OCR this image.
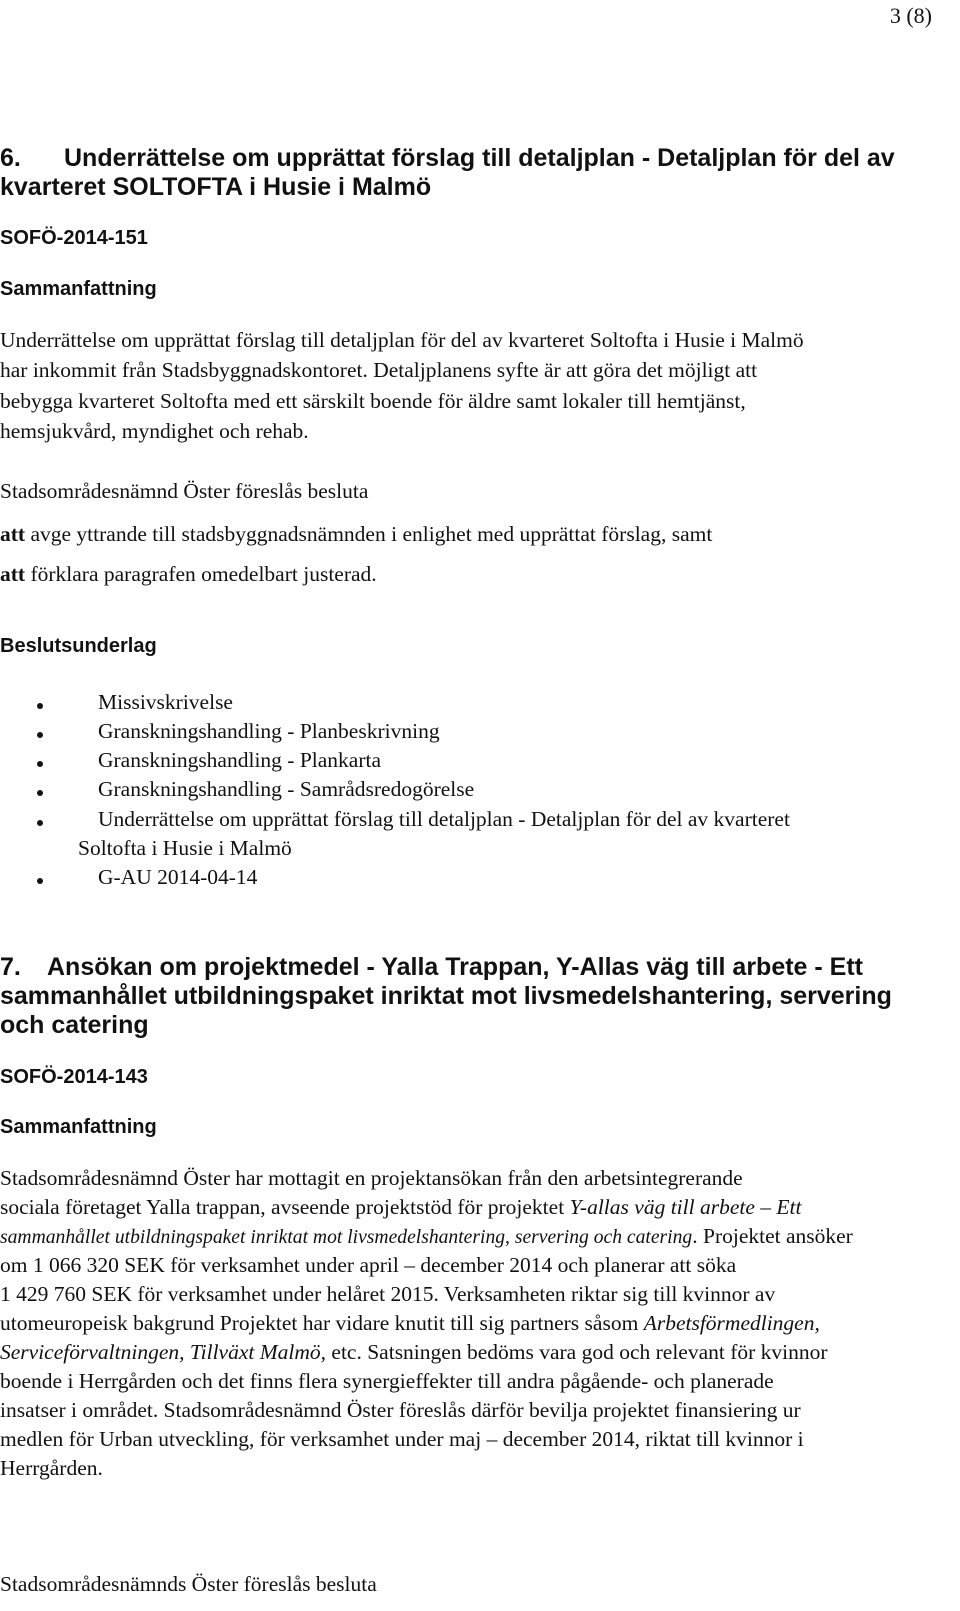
3 (8)
6. Underrättelse om upprättat förslag till detaljplan - Detaljplan för del av
kvarteret SOLTOFTA i Husie i Malmö
SOFÖ-2014-151
Sammanfattning
Underrättelse om upprättat förslag till detaljplan för del av kvarteret Soltofta i Husie i Malmö
har inkommit från Stadsbyggnadskontoret. Detaljplanens syfte är att göra det möjligt att
bebygga kvarteret Soltofta med ett särskilt boende för äldre samt lokaler till hemtjänst,
hemsjukvård, myndighet och rehab.
Stadsområdesnämnd Öster föreslås besluta
att avge yttrande till stadsbyggnadsnämnden i enlighet med upprättat förslag, samt
att förklara paragrafen omedelbart justerad.
Beslutsunderlag
Missivskrivelse
Granskningshandling - Planbeskrivning
Granskningshandling - Plankarta
Granskningshandling - Samrådsredogörelse
Underrättelse om upprättat förslag till detaljplan - Detaljplan för del av kvarteret
Soltofta i Husie i Malmö
G-AU 2014-04-14
7. Ansökan om projektmedel - Yalla Trappan, Y-Allas väg till arbete - Ett
sammanhållet utbildningspaket inriktat mot livsmedelshantering, servering
och catering
SOFÖ-2014-143
Sammanfattning
Stadsområdesnämnd Öster har mottagit en projektansökan från den arbetsintegrerande
sociala företaget Yalla trappan, avseende projektstöd för projektet Y-allas väg till arbete – Ett
sammanhållet utbildningspaket inriktat mot livsmedelshantering, servering och catering. Projektet ansöker
om 1 066 320 SEK för verksamhet under april – december 2014 och planerar att söka
1 429 760 SEK för verksamhet under helåret 2015. Verksamheten riktar sig till kvinnor av
utomeuropeisk bakgrund Projektet har vidare knutit till sig partners såsom Arbetsförmedlingen,
Serviceförvaltningen, Tillväxt Malmö, etc. Satsningen bedöms vara god och relevant för kvinnor
boende i Herrgården och det finns flera synergieffekter till andra pågående- och planerade
insatser i området. Stadsområdesnämnd Öster föreslås därför bevilja projektet finansiering ur
medlen för Urban utveckling, för verksamhet under maj – december 2014, riktat till kvinnor i
Herrgården.
Stadsområdesnämnds Öster föreslås besluta
